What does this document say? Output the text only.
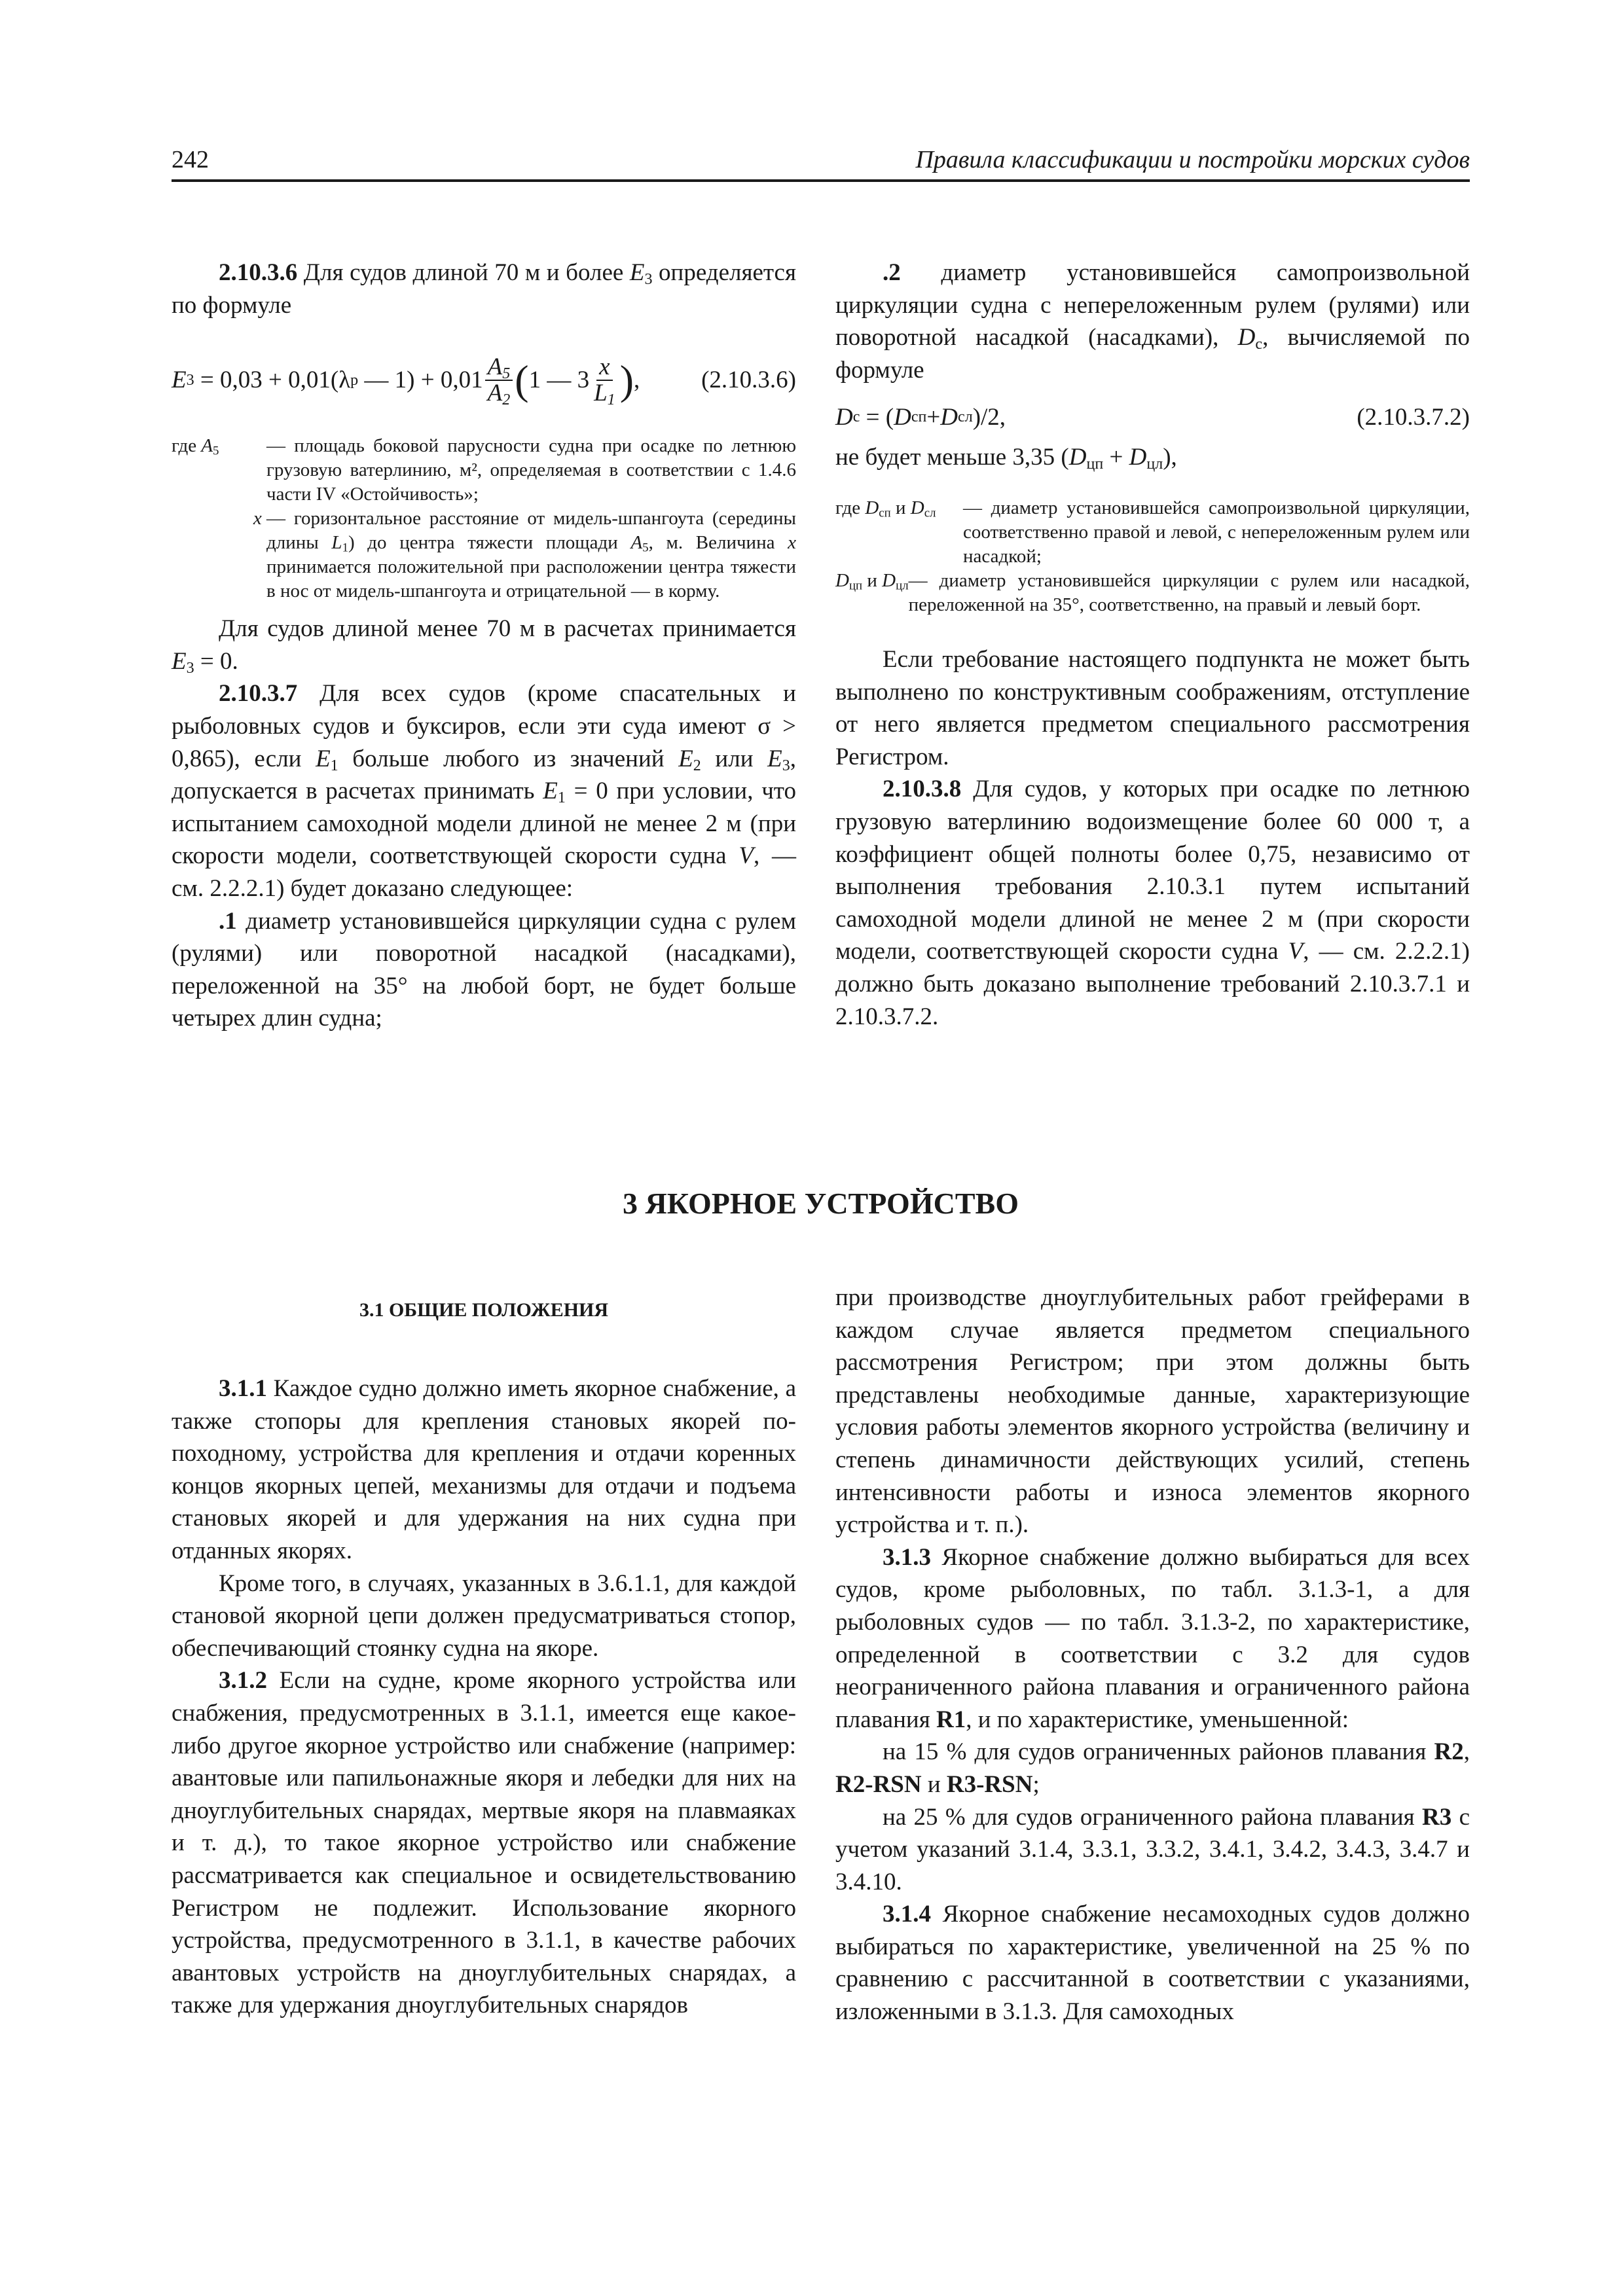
242	Правила классификации и постройки морских судов

2.10.3.6 Для судов длиной 70 м и более $E_3$ определяется по формуле

E 3 = 0,03 + 0,01(λ р — $1) + 0,01 \frac{A_5}{A_2}$ ( 1 — $3 \frac{x}{L_1}$ ) , (2.10.3.6)
где $A_5$	— площадь боковой парусности судна при осадке по летнюю грузовую ватерлинию, м², определяемая в соответствии с 1.4.6 части IV «Остойчивость»;
x — горизонтальное расстояние от мидель-шпангоута (середины длины $L_1$) до центра тяжести площади $A_5$, м. Величина x принимается положительной при расположении центра тяжести в нос от мидель-шпангоута и отрицательной — в корму.

Для судов длиной менее 70 м в расчетах принимается $E_3 = 0$.

2.10.3.7 Для всех судов (кроме спасательных и рыболовных судов и буксиров, если эти суда имеют σ > 0,865), если $E_1$ больше любого из значений $E_2$ или $E_3$, допускается в расчетах принимать $E_1 = 0$ при условии, что испытанием самоходной модели длиной не менее 2 м (при скорости модели, соответствующей скорости судна V, — см. 2.2.2.1) будет доказано следующее:

.1 диаметр установившейся циркуляции судна с рулем (рулями) или поворотной насадкой (насадками), переложенной на 35° на любой борт, не будет больше четырех длин судна;

.2 диаметр установившейся самопроизвольной циркуляции судна с непереложенным рулем (рулями) или поворотной насадкой (насадками), $D_с$, вычисляемой по формуле

D с = ( D сп + D сл )/2,	(2.10.3.7.2)

не будет меньше 3,35 $(D_{цп} + D_{цл})$,

где $D_{сп}$ и $D_{сл}$	— диаметр установившейся самопроизвольной циркуляции, соответственно правой и левой, с непереложенным рулем или насадкой;
$D_{цп}$ и $D_{цл}$ — диаметр установившейся циркуляции с рулем или насадкой, переложенной на 35°, соответственно, на правый и левый борт.

Если требование настоящего подпункта не может быть выполнено по конструктивным соображениям, отступление от него является предметом специального рассмотрения Регистром.

2.10.3.8 Для судов, у которых при осадке по летнюю грузовую ватерлинию водоизмещение более 60 000 т, а коэффициент общей полноты более 0,75, независимо от выполнения требования 2.10.3.1 путем испытаний самоходной модели длиной не менее 2 м (при скорости модели, соответствующей скорости судна V, — см. 2.2.2.1) должно быть доказано выполнение требований 2.10.3.7.1 и 2.10.3.7.2.

3 ЯКОРНОЕ УСТРОЙСТВО
3.1 ОБЩИЕ ПОЛОЖЕНИЯ

3.1.1 Каждое судно должно иметь якорное снабжение, а также стопоры для крепления становых якорей по-походному, устройства для крепления и отдачи коренных концов якорных цепей, механизмы для отдачи и подъема становых якорей и для удержания на них судна при отданных якорях.

Кроме того, в случаях, указанных в 3.6.1.1, для каждой становой якорной цепи должен предусматриваться стопор, обеспечивающий стоянку судна на якоре.

3.1.2 Если на судне, кроме якорного устройства или снабжения, предусмотренных в 3.1.1, имеется еще какое-либо другое якорное устройство или снабжение (например: авантовые или папильонажные якоря и лебедки для них на дноуглубительных снарядах, мертвые якоря на плавмаяках и т. д.), то такое якорное устройство или снабжение рассматривается как специальное и освидетельствованию Регистром не подлежит. Использование якорного устройства, предусмотренного в 3.1.1, в качестве рабочих авантовых устройств на дноуглубительных снарядах, а также для удержания дноуглубительных снарядов

при производстве дноуглубительных работ грейферами в каждом случае является предметом специального рассмотрения Регистром; при этом должны быть представлены необходимые данные, характеризующие условия работы элементов якорного устройства (величину и степень динамичности действующих усилий, степень интенсивности работы и износа элементов якорного устройства и т. п.).

3.1.3 Якорное снабжение должно выбираться для всех судов, кроме рыболовных, по табл. 3.1.3-1, а для рыболовных судов — по табл. 3.1.3-2, по характеристике, определенной в соответствии с 3.2 для судов неограниченного района плавания и ограниченного района плавания R1, и по характеристике, уменьшенной:

на 15 % для судов ограниченных районов плавания R2, R2-RSN и R3-RSN;

на 25 % для судов ограниченного района плавания R3 с учетом указаний 3.1.4, 3.3.1, 3.3.2, 3.4.1, 3.4.2, 3.4.3, 3.4.7 и 3.4.10.

3.1.4 Якорное снабжение несамоходных судов должно выбираться по характеристике, увеличенной на 25 % по сравнению с рассчитанной в соответствии с указаниями, изложенными в 3.1.3. Для самоходных
